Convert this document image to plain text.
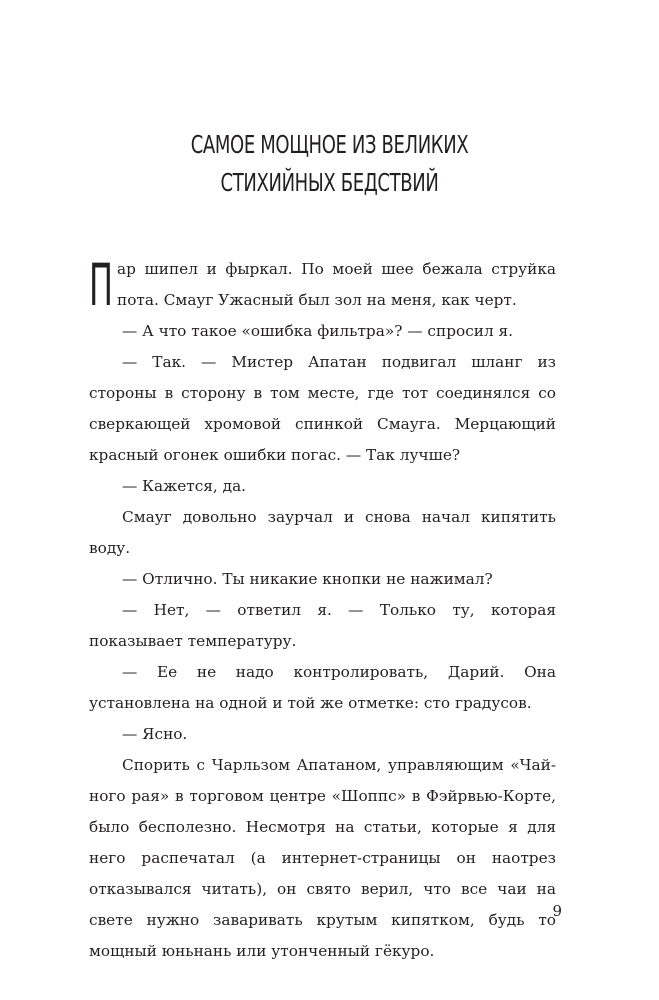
САМОЕ МОЩНОЕ ИЗ ВЕЛИКИХ
СТИХИЙНЫХ БЕДСТВИЙ

Пар шипел и фыркал. По моей шее бежала струйка пота. Смауг Ужасный был зол на меня, как черт.

— А что такое «ошибка фильтра»? — спросил я.

— Так. — Мистер Апатан подвигал шланг из стороны в сторону в том месте, где тот соединялся со сверкающей хромовой спинкой Смауга. Мерцающий красный огонек ошибки погас. — Так лучше?

— Кажется, да.

Смауг довольно заурчал и снова начал кипятить воду.

— Отлично. Ты никакие кнопки не нажимал?

— Нет, — ответил я. — Только ту, которая показывает температуру.

— Ее не надо контролировать, Дарий. Она установлена на одной и той же отметке: сто градусов.

— Ясно.

Спорить с Чарльзом Апатаном, управляющим «Чайного рая» в торговом центре «Шоппс» в Фэйрвью-Корте, было бесполезно. Несмотря на статьи, которые я для него распечатал (а интернет-страницы он наотрез отказывался читать), он свято верил, что все чаи на свете нужно заваривать крутым кипятком, будь то мощный юньнань или утонченный гёкуро.

9
